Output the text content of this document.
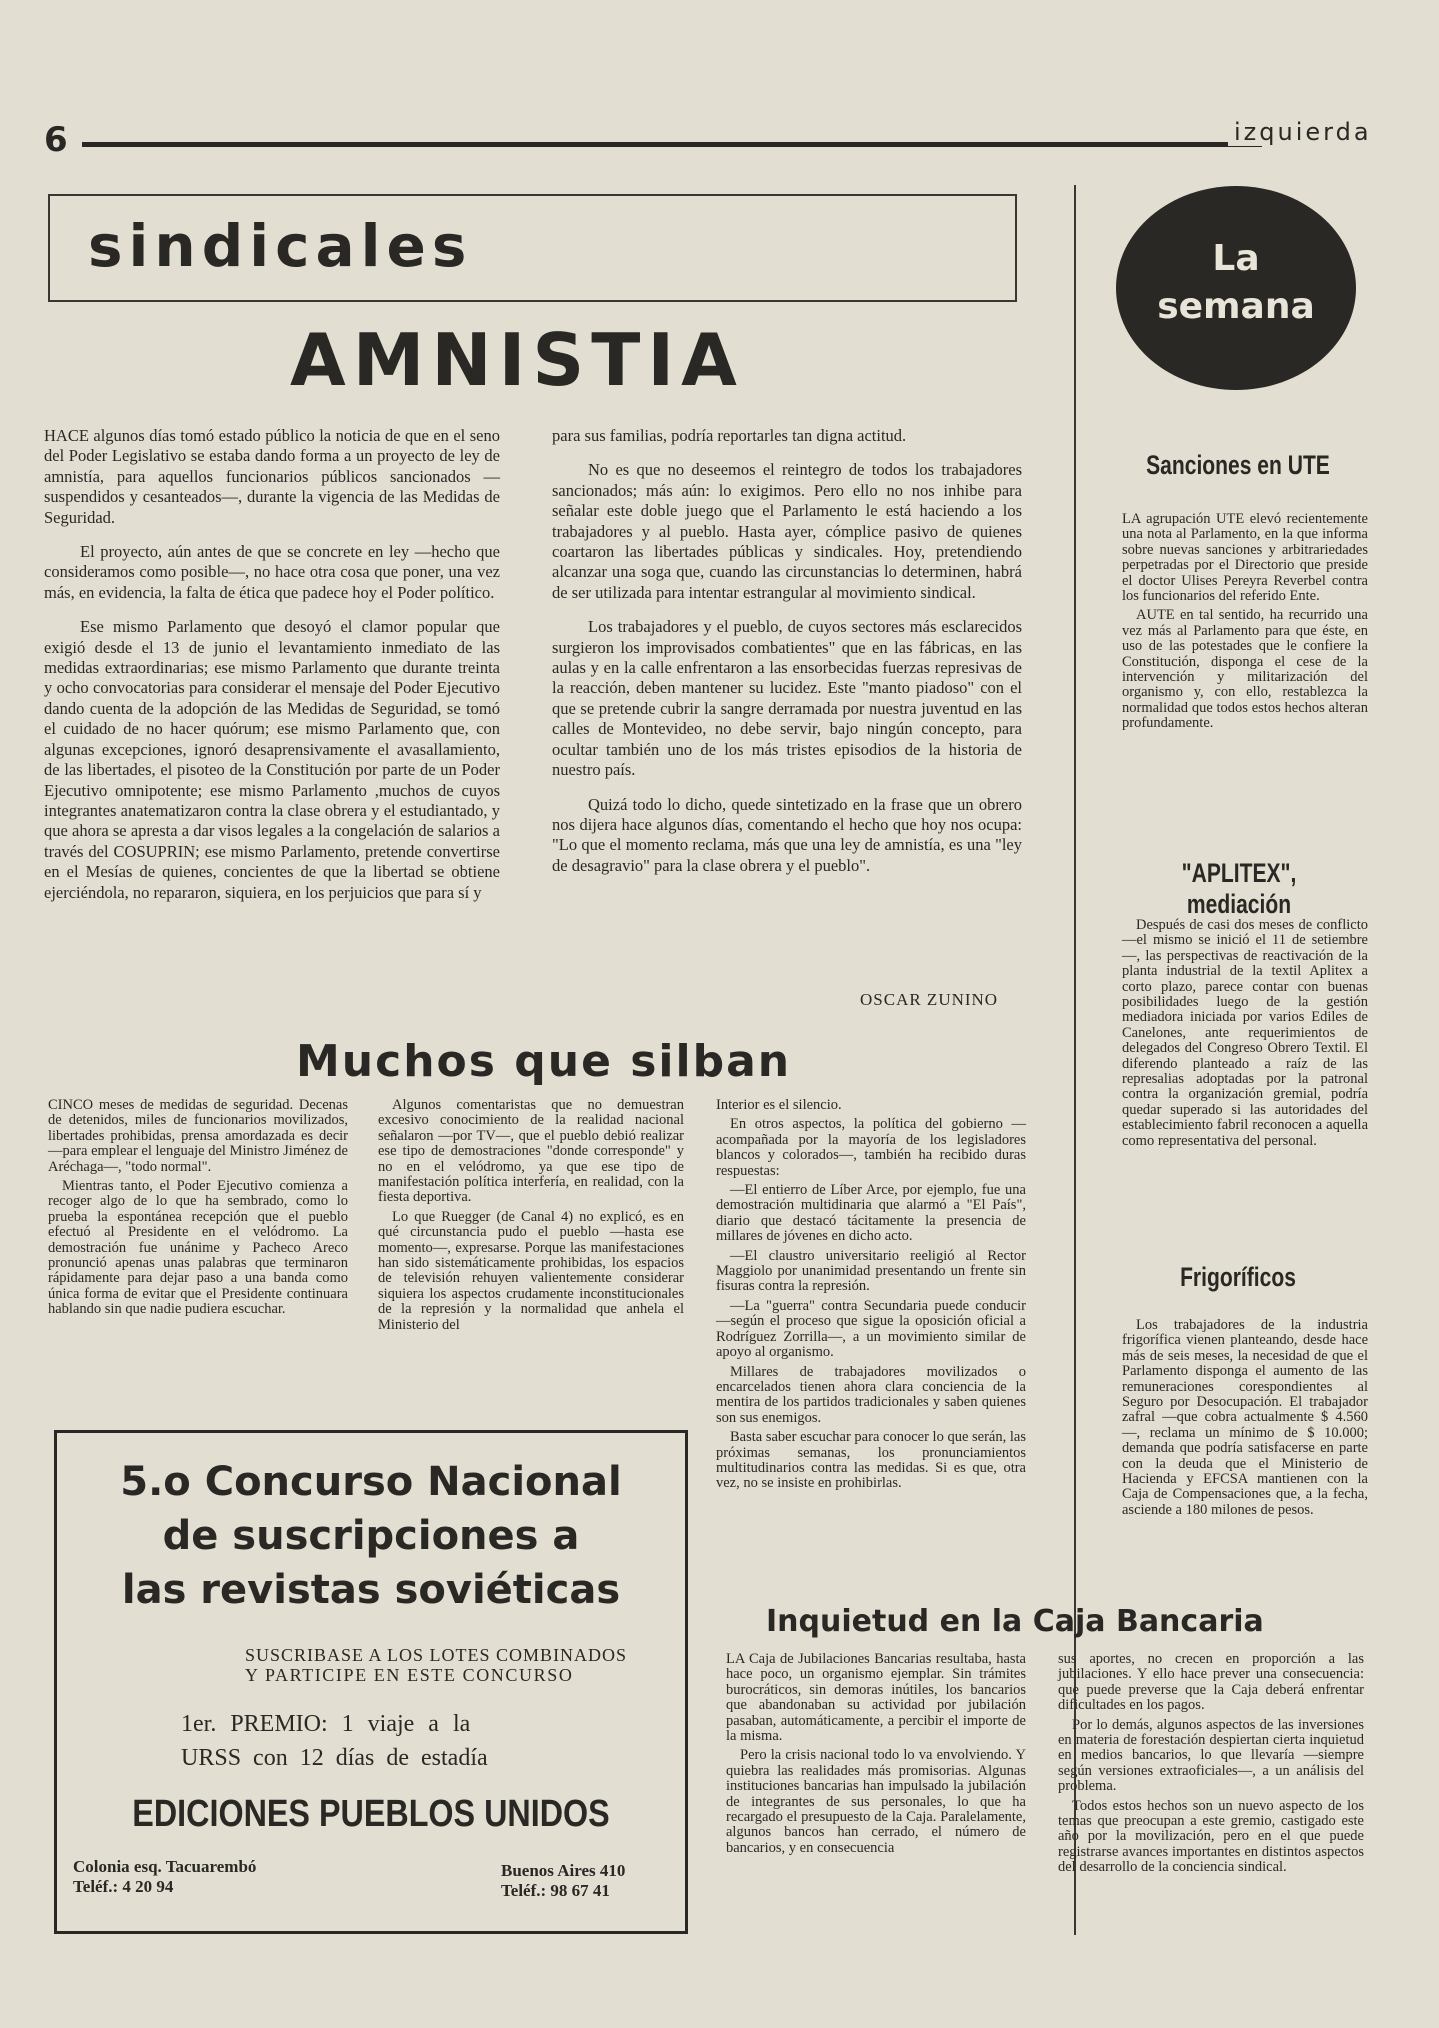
6	izquierda
sindicales
AMNISTIA

HACE algunos días tomó estado público la noticia de que en el seno del Poder Legislativo se estaba dando forma a un proyecto de ley de amnistía, para aquellos funcionarios públicos sancionados —suspendidos y cesanteados—, durante la vigencia de las Medidas de Seguridad.

El proyecto, aún antes de que se concrete en ley —hecho que consideramos como posible—, no hace otra cosa que poner, una vez más, en evidencia, la falta de ética que padece hoy el Poder político.

Ese mismo Parlamento que desoyó el clamor popular que exigió desde el 13 de junio el levantamiento inmediato de las medidas extraordinarias; ese mismo Parlamento que durante treinta y ocho convocatorias para considerar el mensaje del Poder Ejecutivo dando cuenta de la adopción de las Medidas de Seguridad, se tomó el cuidado de no hacer quórum; ese mismo Parlamento que, con algunas excepciones, ignoró desaprensivamente el avasallamiento, de las libertades, el pisoteo de la Constitución por parte de un Poder Ejecutivo omnipotente; ese mismo Parlamento ,muchos de cuyos integrantes anatematizaron contra la clase obrera y el estudiantado, y que ahora se apresta a dar visos legales a la congelación de salarios a través del COSUPRIN; ese mismo Parlamento, pretende convertirse en el Mesías de quienes, concientes de que la libertad se obtiene ejerciéndola, no repararon, siquiera, en los perjuicios que para sí y

para sus familias, podría reportarles tan digna actitud.

No es que no deseemos el reintegro de todos los trabajadores sancionados; más aún: lo exigimos. Pero ello no nos inhibe para señalar este doble juego que el Parlamento le está haciendo a los trabajadores y al pueblo. Hasta ayer, cómplice pasivo de quienes coartaron las libertades públicas y sindicales. Hoy, pretendiendo alcanzar una soga que, cuando las circunstancias lo determinen, habrá de ser utilizada para intentar estrangular al movimiento sindical.

Los trabajadores y el pueblo, de cuyos sectores más esclarecidos surgieron los improvisados combatientes" que en las fábricas, en las aulas y en la calle enfrentaron a las ensorbecidas fuerzas represivas de la reacción, deben mantener su lucidez. Este "manto piadoso" con el que se pretende cubrir la sangre derramada por nuestra juventud en las calles de Montevideo, no debe servir, bajo ningún concepto, para ocultar también uno de los más tristes episodios de la historia de nuestro país.

Quizá todo lo dicho, quede sintetizado en la frase que un obrero nos dijera hace algunos días, comentando el hecho que hoy nos ocupa: "Lo que el momento reclama, más que una ley de amnistía, es una "ley de desagravio" para la clase obrera y el pueblo".

OSCAR ZUNINO
Muchos que silban

CINCO meses de medidas de seguridad. Decenas de detenidos, miles de funcionarios movilizados, libertades prohibidas, prensa amordazada es decir —para emplear el lenguaje del Ministro Jiménez de Aréchaga—, "todo normal".

Mientras tanto, el Poder Ejecutivo comienza a recoger algo de lo que ha sembrado, como lo prueba la espontánea recepción que el pueblo efectuó al Presidente en el velódromo. La demostración fue unánime y Pacheco Areco pronunció apenas unas palabras que terminaron rápidamente para dejar paso a una banda como única forma de evitar que el Presidente continuara hablando sin que nadie pudiera escuchar.

Algunos comentaristas que no demuestran excesivo conocimiento de la realidad nacional señalaron —por TV—, que el pueblo debió realizar ese tipo de demostraciones "donde corresponde" y no en el velódromo, ya que ese tipo de manifestación política interfería, en realidad, con la fiesta deportiva.

Lo que Ruegger (de Canal 4) no explicó, es en qué circunstancia pudo el pueblo —hasta ese momento—, expresarse. Porque las manifestaciones han sido sistemáticamente prohibidas, los espacios de televisión rehuyen valientemente considerar siquiera los aspectos crudamente inconstitucionales de la represión y la normalidad que anhela el Ministerio del

Interior es el silencio.

En otros aspectos, la política del gobierno —acompañada por la mayoría de los legisladores blancos y colorados—, también ha recibido duras respuestas:

—El entierro de Líber Arce, por ejemplo, fue una demostración multidinaria que alarmó a "El País", diario que destacó tácitamente la presencia de millares de jóvenes en dicho acto.

—El claustro universitario reeligió al Rector Maggiolo por unanimidad presentando un frente sin fisuras contra la represión.

—La "guerra" contra Secundaria puede conducir —según el proceso que sigue la oposición oficial a Rodríguez Zorrilla—, a un movimiento similar de apoyo al organismo.

Millares de trabajadores movilizados o encarcelados tienen ahora clara conciencia de la mentira de los partidos tradicionales y saben quienes son sus enemigos.

Basta saber escuchar para conocer lo que serán, las próximas semanas, los pronunciamientos multitudinarios contra las medidas. Si es que, otra vez, no se insiste en prohibirlas.

5.o Concurso Nacional
de suscripciones a
las revistas soviéticas
SUSCRIBASE A LOS LOTES COMBINADOS
Y PARTICIPE EN ESTE CONCURSO
1er. PREMIO: 1 viaje a la
URSS con 12 días de estadía
EDICIONES PUEBLOS UNIDOS
Colonia esq. Tacuarembó
Teléf.: 4 20 94
Buenos Aires 410
Teléf.: 98 67 41
Inquietud en la Caja Bancaria

LA Caja de Jubilaciones Bancarias resultaba, hasta hace poco, un organismo ejemplar. Sin trámites burocráticos, sin demoras inútiles, los bancarios que abandonaban su actividad por jubilación pasaban, automáticamente, a percibir el importe de la misma.

Pero la crisis nacional todo lo va envolviendo. Y quiebra las realidades más promisorias. Algunas instituciones bancarias han impulsado la jubilación de integrantes de sus personales, lo que ha recargado el presupuesto de la Caja. Paralelamente, algunos bancos han cerrado, el número de bancarios, y en consecuencia

sus aportes, no crecen en proporción a las jubilaciones. Y ello hace prever una consecuencia: que puede preverse que la Caja deberá enfrentar dificultades en los pagos.

Por lo demás, algunos aspectos de las inversiones en materia de forestación despiertan cierta inquietud en medios bancarios, lo que llevaría —siempre según versiones extraoficiales—, a un análisis del problema.

Todos estos hechos son un nuevo aspecto de los temas que preocupan a este gremio, castigado este año por la movilización, pero en el que puede registrarse avances importantes en distintos aspectos del desarrollo de la conciencia sindical.

La
semana
Sanciones en UTE

LA agrupación UTE elevó recientemente una nota al Parlamento, en la que informa sobre nuevas sanciones y arbitrariedades perpetradas por el Directorio que preside el doctor Ulises Pereyra Reverbel contra los funcionarios del referido Ente.

AUTE en tal sentido, ha recurrido una vez más al Parlamento para que éste, en uso de las potestades que le confiere la Constitución, disponga el cese de la intervención y militarización del organismo y, con ello, restablezca la normalidad que todos estos hechos alteran profundamente.

"APLITEX", mediación

Después de casi dos meses de conflicto —el mismo se inició el 11 de setiembre—, las perspectivas de reactivación de la planta industrial de la textil Aplitex a corto plazo, parece contar con buenas posibilidades luego de la gestión mediadora iniciada por varios Ediles de Canelones, ante requerimientos de delegados del Congreso Obrero Textil. El diferendo planteado a raíz de las represalias adoptadas por la patronal contra la organización gremial, podría quedar superado si las autoridades del establecimiento fabril reconocen a aquella como representativa del personal.

Frigoríficos

Los trabajadores de la industria frigorífica vienen planteando, desde hace más de seis meses, la necesidad de que el Parlamento disponga el aumento de las remuneraciones corespondientes al Seguro por Desocupación. El trabajador zafral —que cobra actualmente $ 4.560—, reclama un mínimo de $ 10.000; demanda que podría satisfacerse en parte con la deuda que el Ministerio de Hacienda y EFCSA mantienen con la Caja de Compensaciones que, a la fecha, asciende a 180 milones de pesos.
